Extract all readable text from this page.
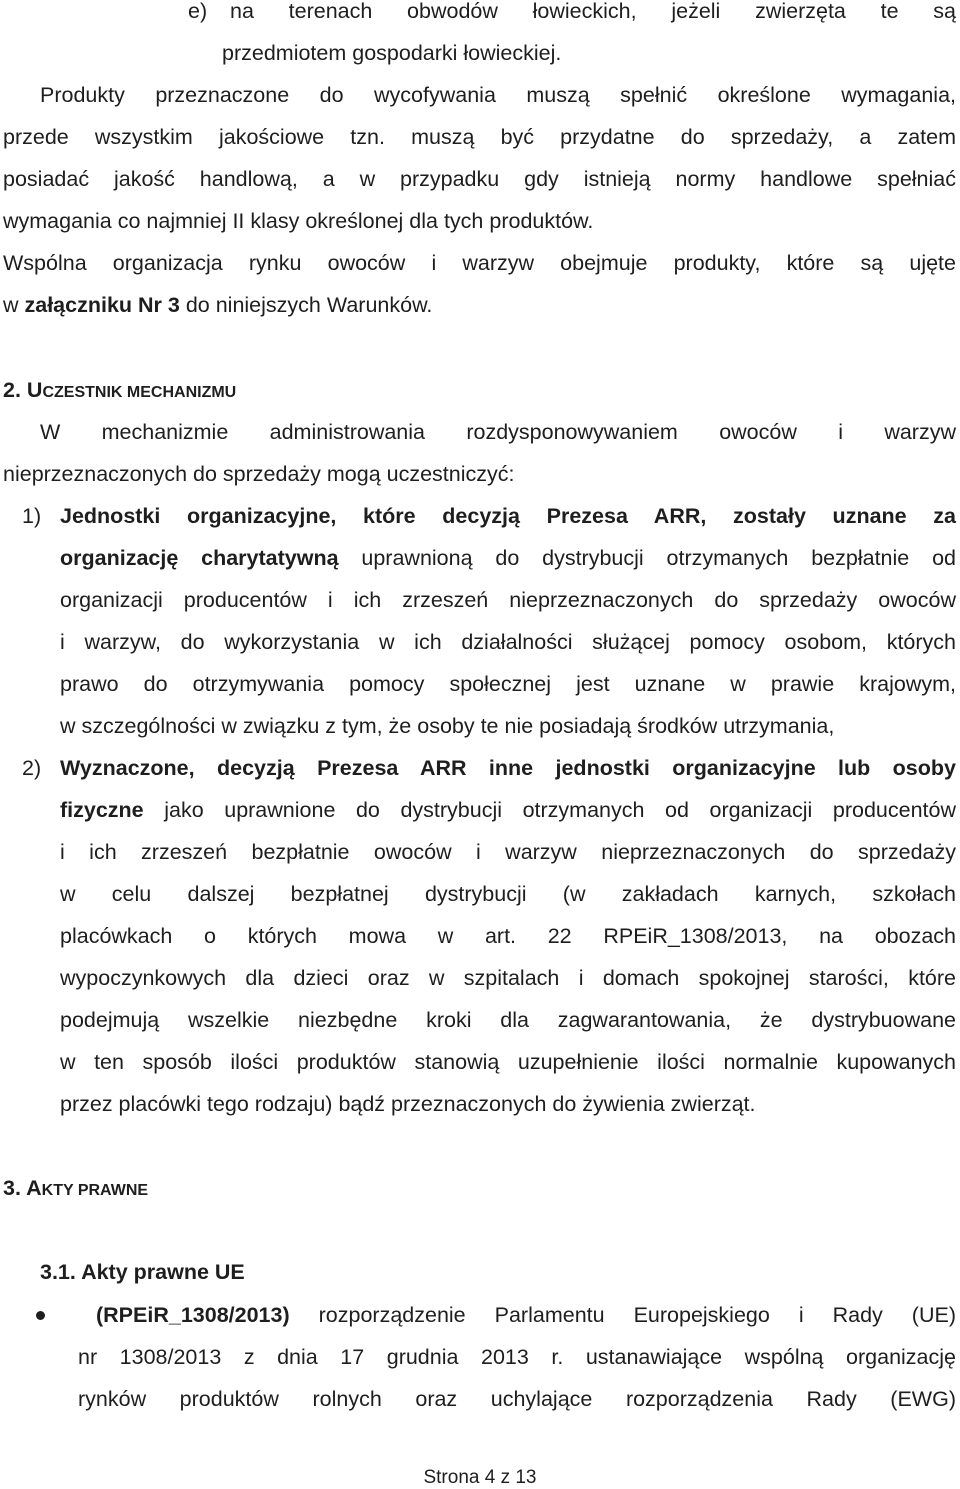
e) na terenach obwodów łowieckich, jeżeli zwierzęta te są
przedmiotem gospodarki łowieckiej.
Produkty przeznaczone do wycofywania muszą spełnić określone wymagania,
przede wszystkim jakościowe tzn. muszą być przydatne do sprzedaży, a zatem
posiadać jakość handlową, a w przypadku gdy istnieją normy handlowe spełniać
wymagania co najmniej II klasy określonej dla tych produktów.
Wspólna organizacja rynku owoców i warzyw obejmuje produkty, które są ujęte
w załączniku Nr 3 do niniejszych Warunków.
2. UCZESTNIK MECHANIZMU
W mechanizmie administrowania rozdysponowywaniem owoców i warzyw
nieprzeznaczonych do sprzedaży mogą uczestniczyć:
1) Jednostki organizacyjne, które decyzją Prezesa ARR, zostały uznane za
organizację charytatywną uprawnioną do dystrybucji otrzymanych bezpłatnie od
organizacji producentów i ich zrzeszeń nieprzeznaczonych do sprzedaży owoców
i warzyw, do wykorzystania w ich działalności służącej pomocy osobom, których
prawo do otrzymywania pomocy społecznej jest uznane w prawie krajowym,
w szczególności w związku z tym, że osoby te nie posiadają środków utrzymania,
2) Wyznaczone, decyzją Prezesa ARR inne jednostki organizacyjne lub osoby
fizyczne jako uprawnione do dystrybucji otrzymanych od organizacji producentów
i ich zrzeszeń bezpłatnie owoców i warzyw nieprzeznaczonych do sprzedaży
w celu dalszej bezpłatnej dystrybucji (w zakładach karnych, szkołach
placówkach o których mowa w art. 22 RPEiR_1308/2013, na obozach
wypoczynkowych dla dzieci oraz w szpitalach i domach spokojnej starości, które
podejmują wszelkie niezbędne kroki dla zagwarantowania, że dystrybuowane
w ten sposób ilości produktów stanowią uzupełnienie ilości normalnie kupowanych
przez placówki tego rodzaju) bądź przeznaczonych do żywienia zwierząt.
3. AKTY PRAWNE
3.1. Akty prawne UE
(RPEiR_1308/2013) rozporządzenie Parlamentu Europejskiego i Rady (UE)
nr 1308/2013 z dnia 17 grudnia 2013 r. ustanawiające wspólną organizację
rynków produktów rolnych oraz uchylające rozporządzenia Rady (EWG)
Strona 4 z 13
